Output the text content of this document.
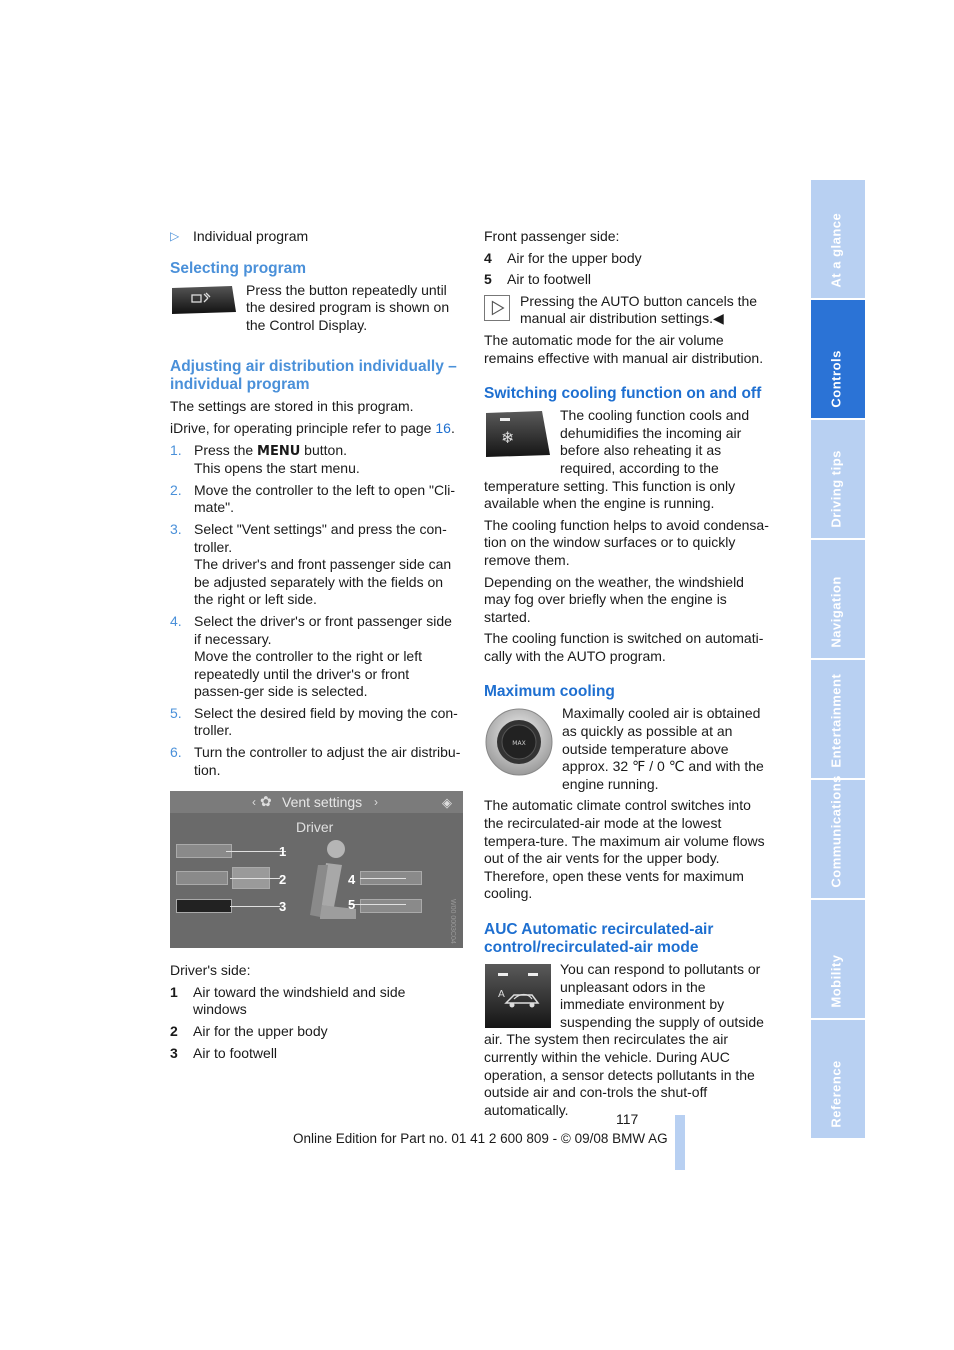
▷ Individual program
Selecting program

Press the button repeatedly until the desired program is shown on the Control Display.

Adjusting air distribution individually – individual program

The settings are stored in this program.

iDrive, for operating principle refer to page 16.

1. Press the MENU button.
This opens the start menu.
2. Move the controller to the left to open "Cli-mate".
3. Select "Vent settings" and press the con-troller.
The driver's and front passenger side can be adjusted separately with the fields on the right or left side.
4. Select the driver's or front passenger side if necessary.
Move the controller to the right or left repeatedly until the driver's or front passen-ger side is selected.
5. Select the desired field by moving the con-troller.
6. Turn the controller to adjust the air distribu-tion.
‹ ✿ Vent settings ›	◈
Driver
1
2
3
4
5	W00 0003C04

Driver's side:

1 Air toward the windshield and side windows
2 Air for the upper body
3 Air to footwell

Front passenger side:

4 Air for the upper body
5 Air to footwell
Pressing the AUTO button cancels the manual air distribution settings.◀

The automatic mode for the air volume remains effective with manual air distribution.

Switching cooling function on and off
❄

The cooling function cools and dehumidifies the incoming air before also reheating it as required, according to the temperature setting. This function is only available when the engine is running.

The cooling function helps to avoid condensa-tion on the window surfaces or to quickly remove them.

Depending on the weather, the windshield may fog over briefly when the engine is started.

The cooling function is switched on automati-cally with the AUTO program.

Maximum cooling
MAX

Maximally cooled air is obtained as quickly as possible at an outside temperature above approx. 32 ℉ / 0 ℃ and with the engine running.

The automatic climate control switches into the recirculated-air mode at the lowest tempera-ture. The maximum air volume flows out of the air vents for the upper body. Therefore, open these vents for maximum cooling.

AUC Automatic recirculated-air control/recirculated-air mode
A

You can respond to pollutants or unpleasant odors in the immediate environment by suspending the supply of outside air. The system then recirculates the air currently within the vehicle. During AUC operation, a sensor detects pollutants in the outside air and con-trols the shut-off automatically.

At a glance
Controls
Driving tips
Navigation
Entertainment
Communications
Mobility
Reference
117
Online Edition for Part no. 01 41 2 600 809 - © 09/08 BMW AG
